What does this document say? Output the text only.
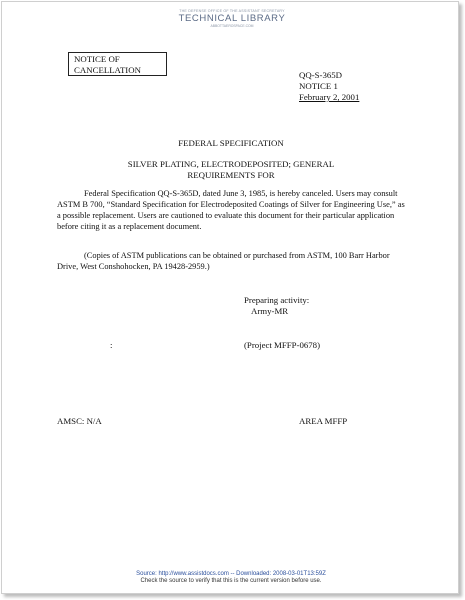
THE DEFENSE OFFICE OF THE ASSISTANT SECRETARY
TECHNICAL LIBRARY
ABBOTTAEROSPACE.COM
NOTICE OF
CANCELLATION	QQ-S-365D
NOTICE 1
February 2, 2001
FEDERAL SPECIFICATION
SILVER PLATING, ELECTRODEPOSITED; GENERAL
REQUIREMENTS FOR
Federal Specification QQ-S-365D, dated June 3, 1985, is hereby canceled. Users may consult ASTM B 700, “Standard Specification for Electrodeposited Coatings of Silver for Engineering Use,” as a possible replacement. Users are cautioned to evaluate this document for their particular application before citing it as a replacement document.
(Copies of ASTM publications can be obtained or purchased from ASTM, 100 Barr Harbor Drive, West Conshohocken, PA 19428-2959.)
Preparing activity:
Army-MR
:	(Project MFFP-0678)
AMSC: N/A	AREA MFFP
Source: http://www.assistdocs.com -- Downloaded: 2008-03-01T13:59Z
Check the source to verify that this is the current version before use.
